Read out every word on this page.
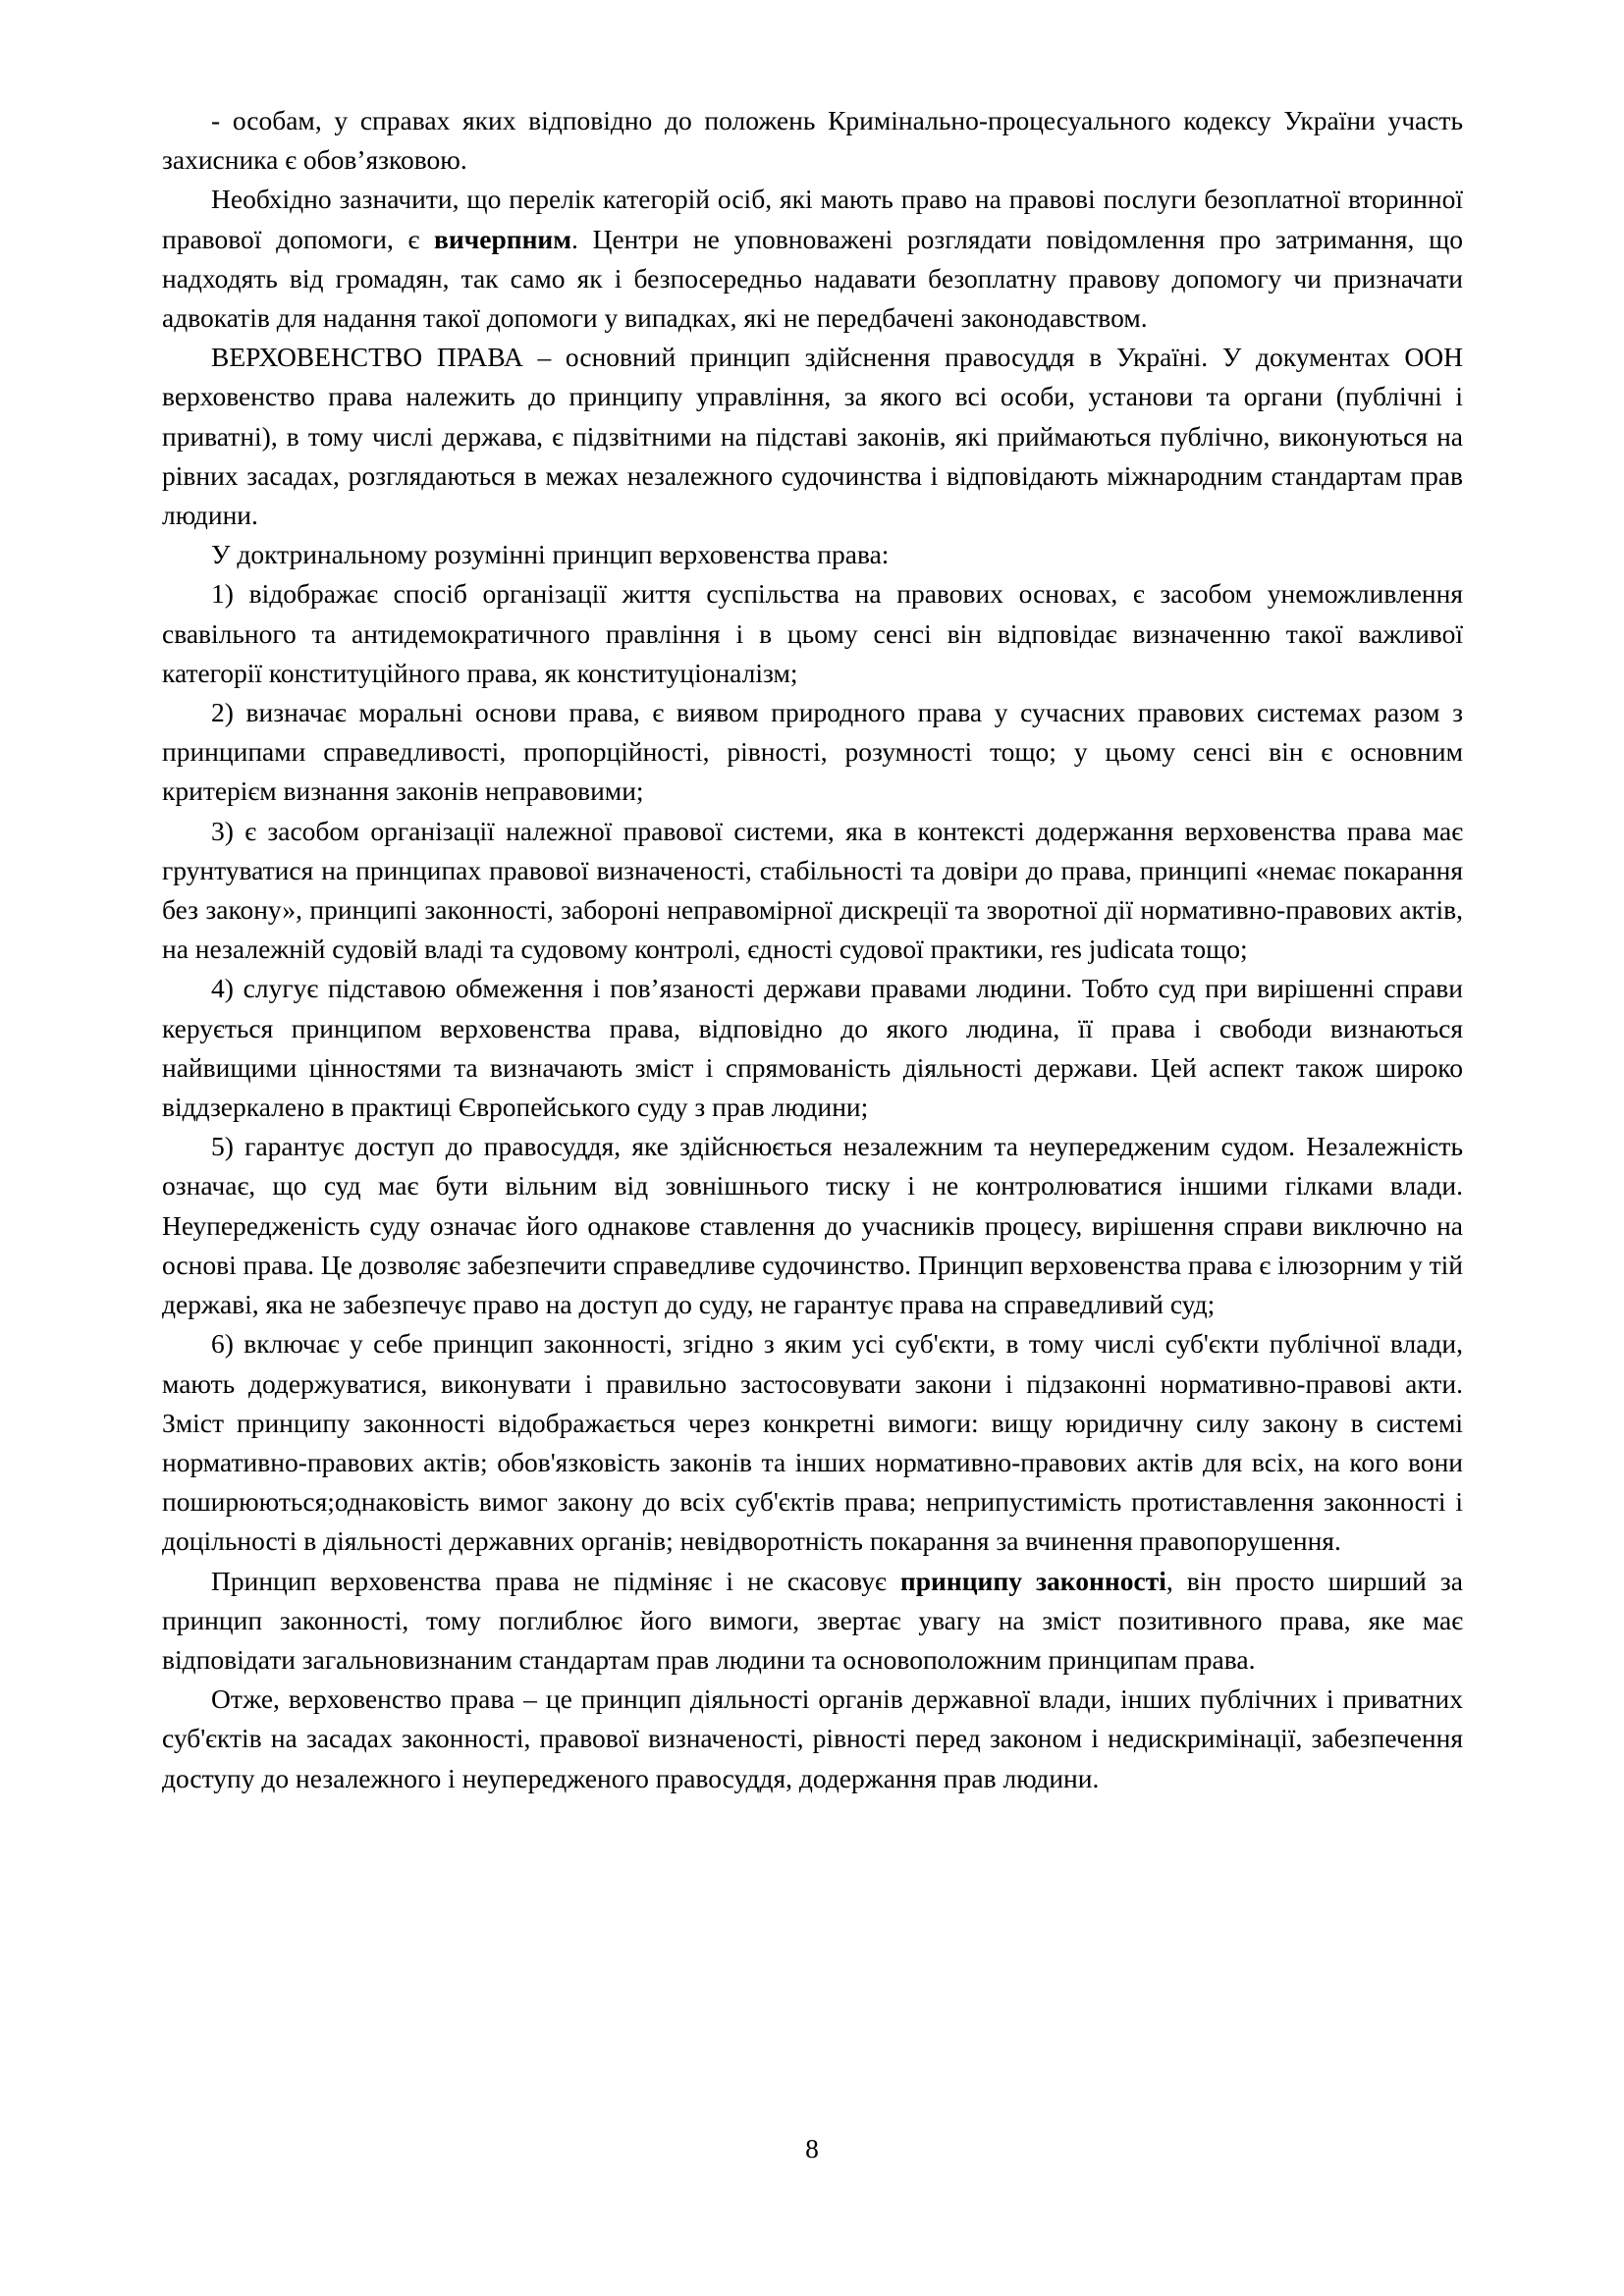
- особам, у справах яких відповідно до положень Кримінально-процесуального кодексу України участь захисника є обов’язковою.

Необхідно зазначити, що перелік категорій осіб, які мають право на правові послуги безоплатної вторинної правової допомоги, є вичерпним. Центри не уповноважені розглядати повідомлення про затримання, що надходять від громадян, так само як і безпосередньо надавати безоплатну правову допомогу чи призначати адвокатів для надання такої допомоги у випадках, які не передбачені законодавством.

ВЕРХОВЕНСТВО ПРАВА – основний принцип здійснення правосуддя в Україні. У документах ООН верховенство права належить до принципу управління, за якого всі особи, установи та органи (публічні і приватні), в тому числі держава, є підзвітними на підставі законів, які приймаються публічно, виконуються на рівних засадах, розглядаються в межах незалежного судочинства і відповідають міжнародним стандартам прав людини.

У доктринальному розумінні принцип верховенства права:

1) відображає спосіб організації життя суспільства на правових основах, є засобом унеможливлення свавільного та антидемократичного правління і в цьому сенсі він відповідає визначенню такої важливої категорії конституційного права, як конституціоналізм;

2) визначає моральні основи права, є виявом природного права у сучасних правових системах разом з принципами справедливості, пропорційності, рівності, розумності тощо; у цьому сенсі він є основним критерієм визнання законів неправовими;

3) є засобом організації належної правової системи, яка в контексті додержання верховенства права має грунтуватися на принципах правової визначеності, стабільності та довіри до права, принципі «немає покарання без закону», принципі законності, забороні неправомірної дискреції та зворотної дії нормативно-правових актів, на незалежній судовій владі та судовому контролі, єдності судової практики, res judicata тощо;

4) слугує підставою обмеження і пов’язаності держави правами людини. Тобто суд при вирішенні справи керується принципом верховенства права, відповідно до якого людина, її права і свободи визнаються найвищими цінностями та визначають зміст і спрямованість діяльності держави. Цей аспект також широко віддзеркалено в практиці Європейського суду з прав людини;

5) гарантує доступ до правосуддя, яке здійснюється незалежним та неупередженим судом. Незалежність означає, що суд має бути вільним від зовнішнього тиску і не контролюватися іншими гілками влади. Неупередженість суду означає його однакове ставлення до учасників процесу, вирішення справи виключно на основі права. Це дозволяє забезпечити справедливе судочинство. Принцип верховенства права є ілюзорним у тій державі, яка не забезпечує право на доступ до суду, не гарантує права на справедливий суд;

6) включає у себе принцип законності, згідно з яким усі суб'єкти, в тому числі суб'єкти публічної влади, мають додержуватися, виконувати і правильно застосовувати закони і підзаконні нормативно-правові акти. Зміст принципу законності відображається через конкретні вимоги: вищу юридичну силу закону в системі нормативно-правових актів; обов'язковість законів та інших нормативно-правових актів для всіх, на кого вони поширюються;однаковість вимог закону до всіх суб'єктів права; неприпустимість протиставлення законності і доцільності в діяльності державних органів; невідворотність покарання за вчинення правопорушення.

Принцип верховенства права не підміняє і не скасовує принципу законності, він просто ширший за принцип законності, тому поглиблює його вимоги, звертає увагу на зміст позитивного права, яке має відповідати загальновизнаним стандартам прав людини та основоположним принципам права.

Отже, верховенство права – це принцип діяльності органів державної влади, інших публічних і приватних суб'єктів на засадах законності, правової визначеності, рівності перед законом і недискримінації, забезпечення доступу до незалежного і неупередженого правосуддя, додержання прав людини.

8
